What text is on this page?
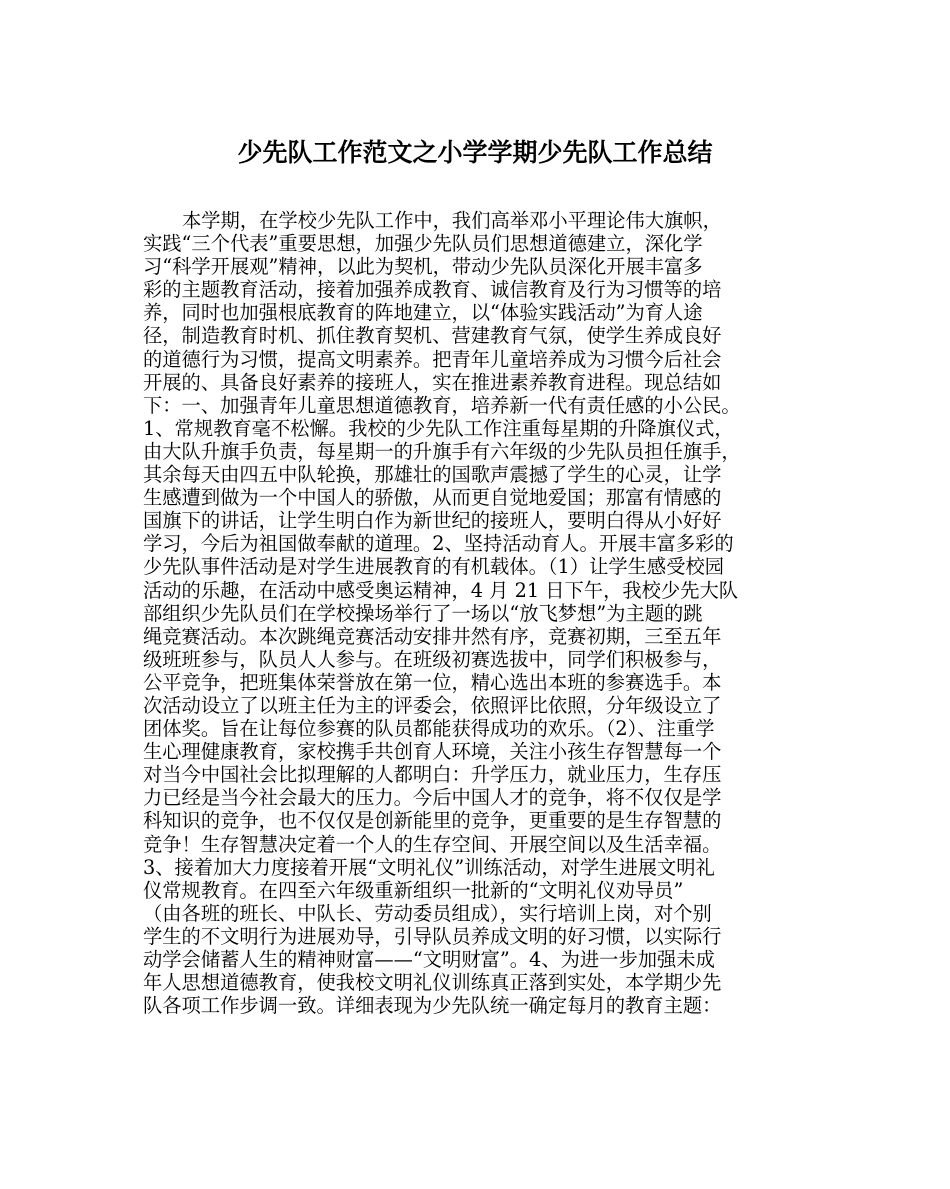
少先队工作范文之小学学期少先队工作总结
本学期，在学校少先队工作中，我们高举邓小平理论伟大旗帜，
实践“三个代表”重要思想，加强少先队员们思想道德建立，深化学
习“科学开展观”精神，以此为契机，带动少先队员深化开展丰富多
彩的主题教育活动，接着加强养成教育、诚信教育及行为习惯等的培
养，同时也加强根底教育的阵地建立，以“体验实践活动”为育人途
径，制造教育时机、抓住教育契机、营建教育气氛，使学生养成良好
的道德行为习惯，提高文明素养。把青年儿童培养成为习惯今后社会
开展的、具备良好素养的接班人，实在推进素养教育进程。现总结如
下：一、加强青年儿童思想道德教育，培养新一代有责任感的小公民。
1、常规教育毫不松懈。我校的少先队工作注重每星期的升降旗仪式，
由大队升旗手负责，每星期一的升旗手有六年级的少先队员担任旗手，
其余每天由四五中队轮换，那雄壮的国歌声震撼了学生的心灵，让学
生感遭到做为一个中国人的骄傲，从而更自觉地爱国；那富有情感的
国旗下的讲话，让学生明白作为新世纪的接班人，要明白得从小好好
学习，今后为祖国做奉献的道理。2、坚持活动育人。开展丰富多彩的
少先队事件活动是对学生进展教育的有机载体。（1）让学生感受校园
活动的乐趣，在活动中感受奥运精神，4 月 21 日下午，我校少先大队
部组织少先队员们在学校操场举行了一场以“放飞梦想”为主题的跳
绳竞赛活动。本次跳绳竞赛活动安排井然有序，竞赛初期，三至五年
级班班参与，队员人人参与。在班级初赛选拔中，同学们积极参与，
公平竞争，把班集体荣誉放在第一位，精心选出本班的参赛选手。本
次活动设立了以班主任为主的评委会，依照评比依照，分年级设立了
团体奖。旨在让每位参赛的队员都能获得成功的欢乐。（2）、注重学
生心理健康教育，家校携手共创育人环境，关注小孩生存智慧每一个
对当今中国社会比拟理解的人都明白：升学压力，就业压力，生存压
力已经是当今社会最大的压力。今后中国人才的竞争，将不仅仅是学
科知识的竞争，也不仅仅是创新能里的竞争，更重要的是生存智慧的
竞争！生存智慧决定着一个人的生存空间、开展空间以及生活幸福。
3、接着加大力度接着开展“文明礼仪”训练活动，对学生进展文明礼
仪常规教育。在四至六年级重新组织一批新的“文明礼仪劝导员”
（由各班的班长、中队长、劳动委员组成），实行培训上岗，对个别
学生的不文明行为进展劝导，引导队员养成文明的好习惯，以实际行
动学会储蓄人生的精神财富——“文明财富”。4、为进一步加强未成
年人思想道德教育，使我校文明礼仪训练真正落到实处，本学期少先
队各项工作步调一致。详细表现为少先队统一确定每月的教育主题：
